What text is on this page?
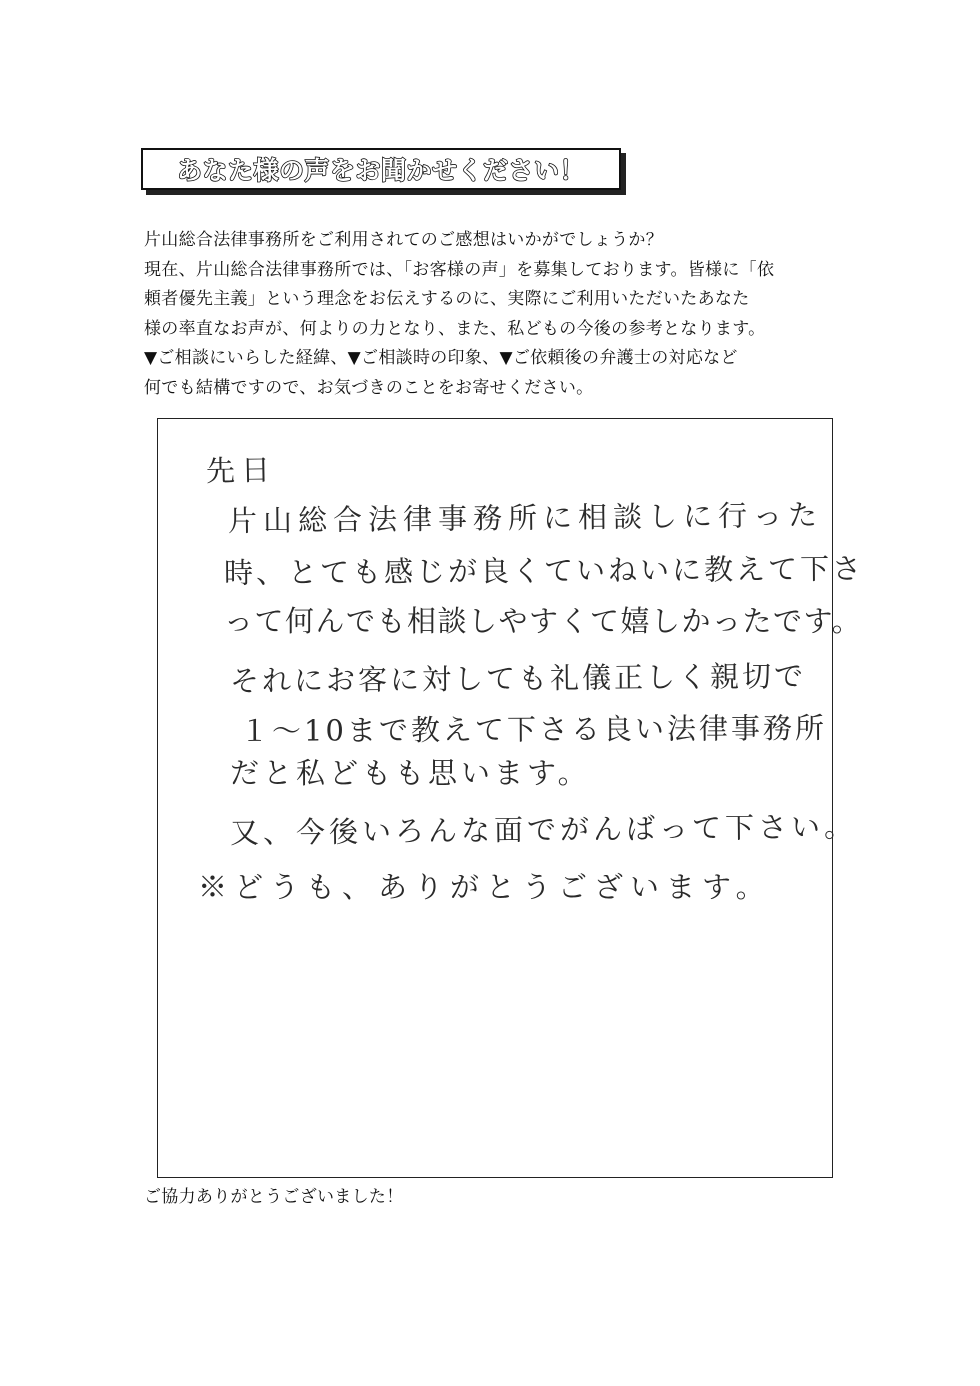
あなた様の声をお聞かせください！
片山総合法律事務所をご利用されてのご感想はいかがでしょうか？
現在、片山総合法律事務所では、「お客様の声」を募集しております。皆様に「依
頼者優先主義」という理念をお伝えするのに、実際にご利用いただいたあなた
様の率直なお声が、何よりの力となり、また、私どもの今後の参考となります。
▼ご相談にいらした経緯、▼ご相談時の印象、▼ご依頼後の弁護士の対応など
何でも結構ですので、お気づきのことをお寄せください。
先日
片山総合法律事務所に相談しに行った
時、とても感じが良くていねいに教えて下さ
って何んでも相談しやすくて嬉しかったです。
それにお客に対しても礼儀正しく親切で
１～10まで教えて下さる良い法律事務所
だと私どもも思います。
又、今後いろんな面でがんばって下さい。
※どうも、ありがとうございます。
ご協力ありがとうございました！
